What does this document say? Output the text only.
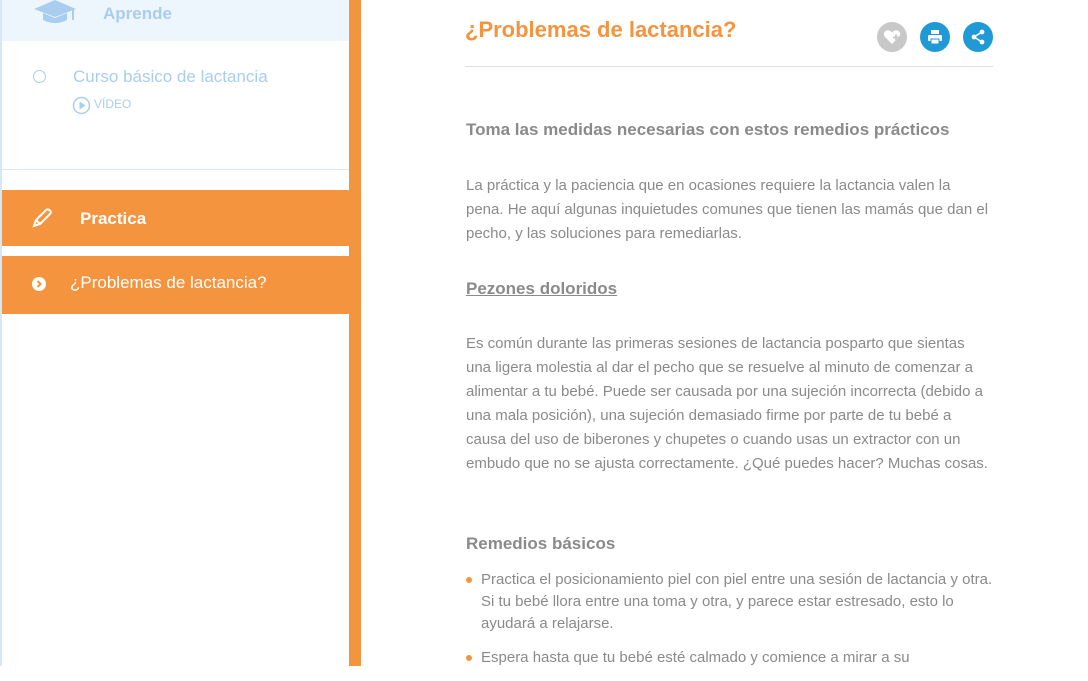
Aprende
Curso básico de lactancia
VÍDEO
Practica
¿Problemas de lactancia?
¿Problemas de lactancia?
Toma las medidas necesarias con estos remedios prácticos

La práctica y la paciencia que en ocasiones requiere la lactancia valen la pena. He aquí algunas inquietudes comunes que tienen las mamás que dan el pecho, y las soluciones para remediarlas.

Pezones doloridos

Es común durante las primeras sesiones de lactancia posparto que sientas una ligera molestia al dar el pecho que se resuelve al minuto de comenzar a alimentar a tu bebé. Puede ser causada por una sujeción incorrecta (debido a una mala posición), una sujeción demasiado firme por parte de tu bebé a causa del uso de biberones y chupetes o cuando usas un extractor con un embudo que no se ajusta correctamente. ¿Qué puedes hacer? Muchas cosas.

Remedios básicos
Practica el posicionamiento piel con piel entre una sesión de lactancia y otra. Si tu bebé llora entre una toma y otra, y parece estar estresado, esto lo ayudará a relajarse.
Espera hasta que tu bebé esté calmado y comience a mirar a su
